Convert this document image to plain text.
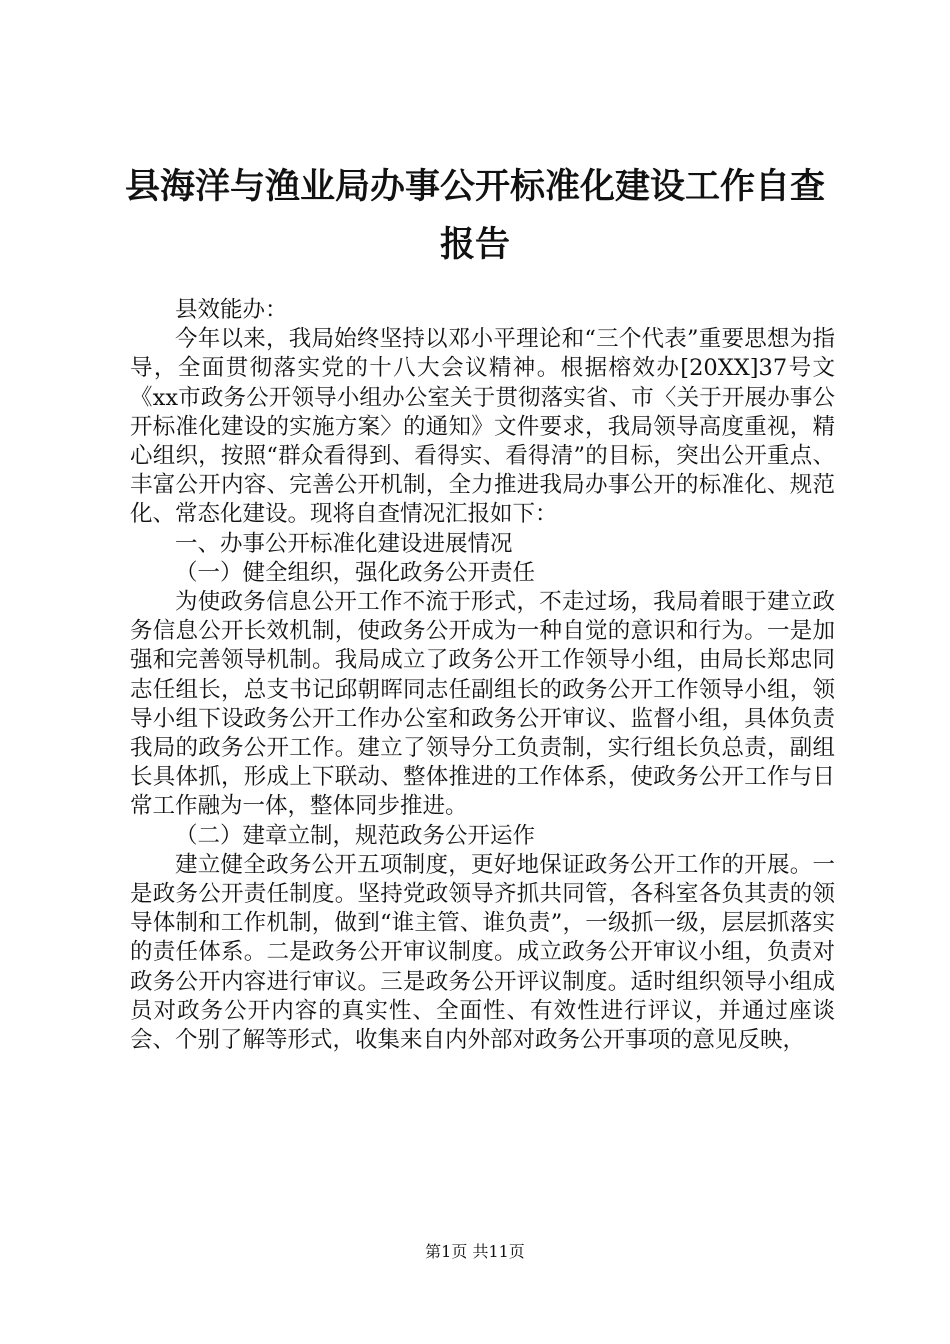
县海洋与渔业局办事公开标准化建设工作自查报告

县效能办：

今年以来，我局始终坚持以邓小平理论和“三个代表”重要思想为指导，全面贯彻落实党的十八大会议精神。根据榕效办[20XX]37号文《xx市政务公开领导小组办公室关于贯彻落实省、市〈关于开展办事公开标准化建设的实施方案〉的通知》文件要求，我局领导高度重视，精心组织，按照“群众看得到、看得实、看得清”的目标，突出公开重点、丰富公开内容、完善公开机制，全力推进我局办事公开的标准化、规范化、常态化建设。现将自查情况汇报如下：

一、办事公开标准化建设进展情况

（一）健全组织，强化政务公开责任

为使政务信息公开工作不流于形式，不走过场，我局着眼于建立政务信息公开长效机制，使政务公开成为一种自觉的意识和行为。一是加强和完善领导机制。我局成立了政务公开工作领导小组，由局长郑忠同志任组长，总支书记邱朝晖同志任副组长的政务公开工作领导小组，领导小组下设政务公开工作办公室和政务公开审议、监督小组，具体负责我局的政务公开工作。建立了领导分工负责制，实行组长负总责，副组长具体抓，形成上下联动、整体推进的工作体系，使政务公开工作与日常工作融为一体，整体同步推进。

（二）建章立制，规范政务公开运作

建立健全政务公开五项制度，更好地保证政务公开工作的开展。一是政务公开责任制度。坚持党政领导齐抓共同管，各科室各负其责的领导体制和工作机制，做到“谁主管、谁负责”，一级抓一级，层层抓落实的责任体系。二是政务公开审议制度。成立政务公开审议小组，负责对政务公开内容进行审议。三是政务公开评议制度。适时组织领导小组成员对政务公开内容的真实性、全面性、有效性进行评议，并通过座谈会、个别了解等形式，收集来自内外部对政务公开事项的意见反映，

第1页 共11页
